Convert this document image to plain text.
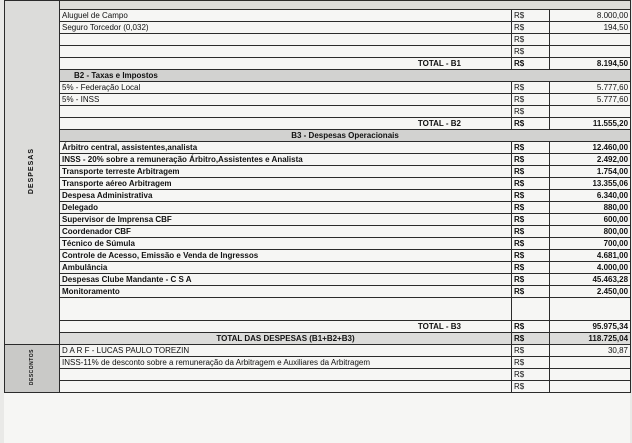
DESPESAS			
	Aluguel de Campo	R$	8.000,00
	Seguro Torcedor (0,032)	R$	194,50
		R$	
		R$	
	TOTAL - B1	R$	8.194,50
	B2 - Taxas e Impostos		
	5% - Federação Local	R$	5.777,60
	5% - INSS	R$	5.777,60
		R$	
	TOTAL - B2	R$	11.555,20
	B3 - Despesas Operacionais		
	Árbitro central, assistentes,analista	R$	12.460,00
	INSS - 20% sobre a remuneração Árbitro,Assistentes e Analista	R$	2.492,00
	Transporte terreste Arbitragem	R$	1.754,00
	Transporte aéreo Arbitragem	R$	13.355,06
	Despesa Administrativa	R$	6.340,00
	Delegado	R$	880,00
	Supervisor de Imprensa CBF	R$	600,00
	Coordenador CBF	R$	800,00
	Técnico de Súmula	R$	700,00
	Controle de Acesso, Emissão e Venda de Ingressos	R$	4.681,00
	Ambulância	R$	4.000,00
	Despesas Clube Mandante - C S A	R$	45.463,28
	Monitoramento	R$	2.450,00

	TOTAL - B3	R$	95.975,34
	TOTAL DAS DESPESAS (B1+B2+B3)	R$	118.725,04
DESCONTOS	D A R F - LUCAS PAULO TOREZIN	R$	30,87
	INSS-11% de desconto sobre a remuneração da Arbitragem e Auxiliares da Arbitragem	R$	
		R$	
		R$	
